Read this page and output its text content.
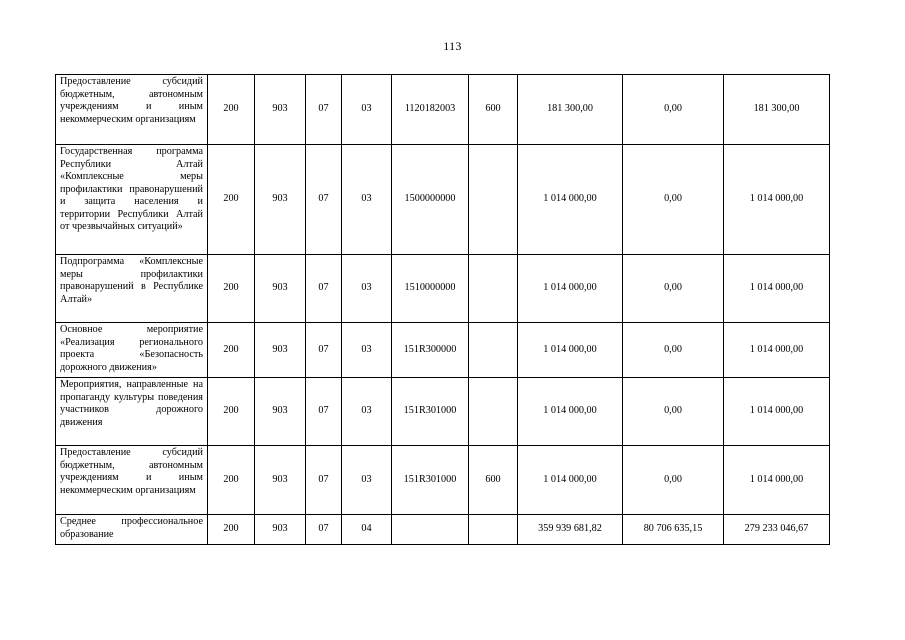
113
Предоставление субсидий бюджетным, автономным учреждениям и иным некоммерческим организациям	200	903	07	03	1120182003	600	181 300,00	0,00	181 300,00
Государственная программа Республики Алтай «Комплексные меры профилактики правонарушений и защита населения и территории Республики Алтай от чрезвычайных ситуаций»	200	903	07	03	1500000000		1 014 000,00	0,00	1 014 000,00
Подпрограмма «Комплексные меры профилактики правонарушений в Республике Алтай»	200	903	07	03	1510000000		1 014 000,00	0,00	1 014 000,00
Основное мероприятие «Реализация регионального проекта «Безопасность дорожного движения»	200	903	07	03	151R300000		1 014 000,00	0,00	1 014 000,00
Мероприятия, направленные на пропаганду культуры поведения участников дорожного движения	200	903	07	03	151R301000		1 014 000,00	0,00	1 014 000,00
Предоставление субсидий бюджетным, автономным учреждениям и иным некоммерческим организациям	200	903	07	03	151R301000	600	1 014 000,00	0,00	1 014 000,00
Среднее профессиональное образование	200	903	07	04			359 939 681,82	80 706 635,15	279 233 046,67
